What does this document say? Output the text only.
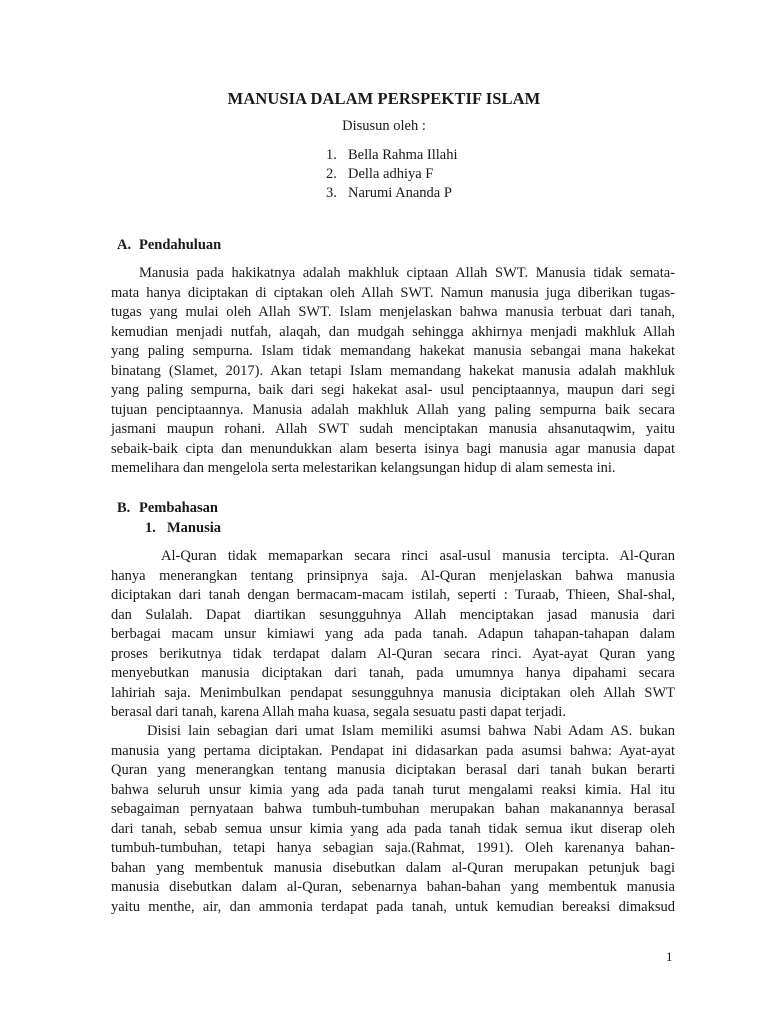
MANUSIA DALAM PERSPEKTIF ISLAM
Disusun oleh :
1. Bella Rahma Illahi
2. Della adhiya F
3. Narumi Ananda P
A. Pendahuluan
Manusia pada hakikatnya adalah makhluk ciptaan Allah SWT. Manusia tidak semata-
mata hanya diciptakan di ciptakan oleh Allah SWT. Namun manusia juga diberikan tugas-
tugas yang mulai oleh Allah SWT. Islam menjelaskan bahwa manusia terbuat dari tanah,
kemudian menjadi nutfah, alaqah, dan mudgah sehingga akhirnya menjadi makhluk Allah
yang paling sempurna. Islam tidak memandang hakekat manusia sebangai mana hakekat
binatang (Slamet, 2017). Akan tetapi Islam memandang hakekat manusia adalah makhluk
yang paling sempurna, baik dari segi hakekat asal- usul penciptaannya, maupun dari segi
tujuan penciptaannya. Manusia adalah makhluk Allah yang paling sempurna baik secara
jasmani maupun rohani. Allah SWT sudah menciptakan manusia ahsanutaqwim, yaitu
sebaik-baik cipta dan menundukkan alam beserta isinya bagi manusia agar manusia dapat
memelihara dan mengelola serta melestarikan kelangsungan hidup di alam semesta ini.
B. Pembahasan
1. Manusia
Al-Quran tidak memaparkan secara rinci asal-usul manusia tercipta. Al-Quran
hanya menerangkan tentang prinsipnya saja. Al-Quran menjelaskan bahwa manusia
diciptakan dari tanah dengan bermacam-macam istilah, seperti : Turaab, Thieen, Shal-shal,
dan Sulalah. Dapat diartikan sesungguhnya Allah menciptakan jasad manusia dari
berbagai macam unsur kimiawi yang ada pada tanah. Adapun tahapan-tahapan dalam
proses berikutnya tidak terdapat dalam Al-Quran secara rinci. Ayat-ayat Quran yang
menyebutkan manusia diciptakan dari tanah, pada umumnya hanya dipahami secara
lahiriah saja. Menimbulkan pendapat sesungguhnya manusia diciptakan oleh Allah SWT
berasal dari tanah, karena Allah maha kuasa, segala sesuatu pasti dapat terjadi.
Disisi lain sebagian dari umat Islam memiliki asumsi bahwa Nabi Adam AS. bukan
manusia yang pertama diciptakan. Pendapat ini didasarkan pada asumsi bahwa: Ayat-ayat
Quran yang menerangkan tentang manusia diciptakan berasal dari tanah bukan berarti
bahwa seluruh unsur kimia yang ada pada tanah turut mengalami reaksi kimia. Hal itu
sebagaiman pernyataan bahwa tumbuh-tumbuhan merupakan bahan makanannya berasal
dari tanah, sebab semua unsur kimia yang ada pada tanah tidak semua ikut diserap oleh
tumbuh-tumbuhan, tetapi hanya sebagian saja.(Rahmat, 1991). Oleh karenanya bahan-
bahan yang membentuk manusia disebutkan dalam al-Quran merupakan petunjuk bagi
manusia disebutkan dalam al-Quran, sebenarnya bahan-bahan yang membentuk manusia
yaitu menthe, air, dan ammonia terdapat pada tanah, untuk kemudian bereaksi dimaksud
1
